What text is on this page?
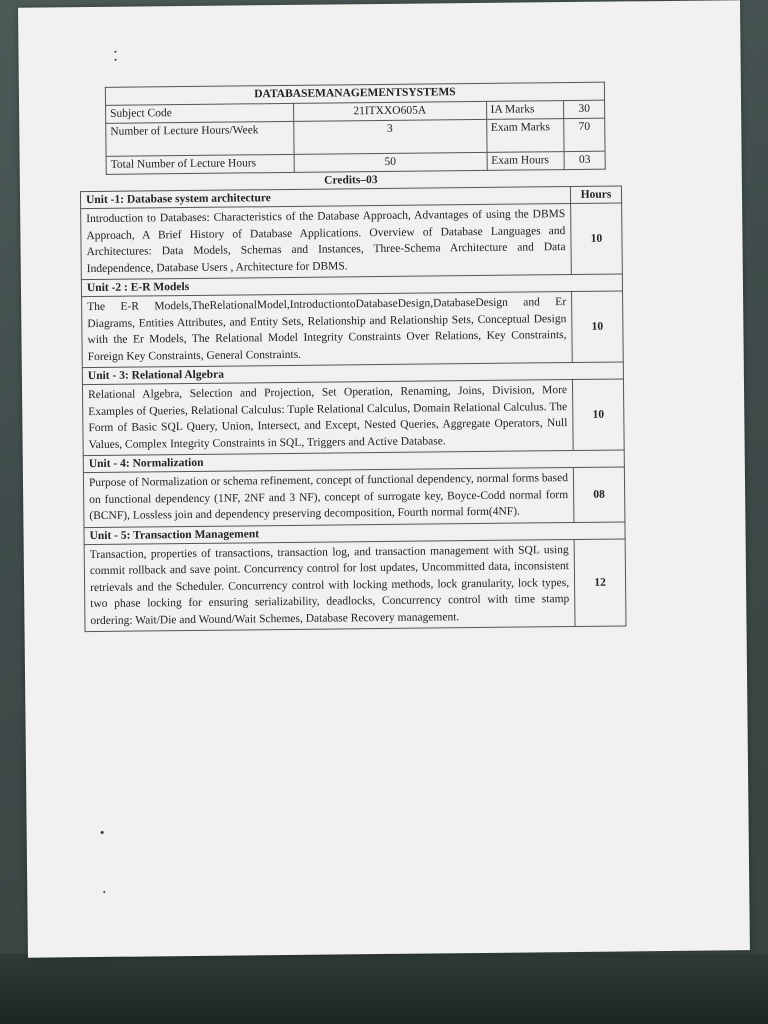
DATABASEMANAGEMENTSYSTEMS			
Subject Code	21ITXXO605A	IA Marks	30
Number of Lecture Hours/Week	3	Exam Marks	70
Total Number of Lecture Hours	50	Exam Hours	03
Credits–03	
Unit -1: Database system architecture	Hours
Introduction to Databases: Characteristics of the Database Approach, Advantages of using the DBMS Approach, A Brief History of Database Applications. Overview of Database Languages and Architectures: Data Models, Schemas and Instances, Three-Schema Architecture and Data Independence, Database Users , Architecture for DBMS.	10
Unit -2 : E-R Models	
The E-R Models,TheRelationalModel,IntroductiontoDatabaseDesign,DatabaseDesign and Er Diagrams, Entities Attributes, and Entity Sets, Relationship and Relationship Sets, Conceptual Design with the Er Models, The Relational Model Integrity Constraints Over Relations, Key Constraints, Foreign Key Constraints, General Constraints.	10
Unit - 3: Relational Algebra	
Relational Algebra, Selection and Projection, Set Operation, Renaming, Joins, Division, More Examples of Queries, Relational Calculus: Tuple Relational Calculus, Domain Relational Calculus. The Form of Basic SQL Query, Union, Intersect, and Except, Nested Queries, Aggregate Operators, Null Values, Complex Integrity Constraints in SQL, Triggers and Active Database.	10
Unit - 4: Normalization	
Purpose of Normalization or schema refinement, concept of functional dependency, normal forms based on functional dependency (1NF, 2NF and 3 NF), concept of surrogate key, Boyce-Codd normal form (BCNF), Lossless join and dependency preserving decomposition, Fourth normal form(4NF).	08
Unit - 5: Transaction Management	
Transaction, properties of transactions, transaction log, and transaction management with SQL using commit rollback and save point. Concurrency control for lost updates, Uncommitted data, inconsistent retrievals and the Scheduler. Concurrency control with locking methods, lock granularity, lock types, two phase locking for ensuring serializability, deadlocks, Concurrency control with time stamp ordering: Wait/Die and Wound/Wait Schemes, Database Recovery management.	12
